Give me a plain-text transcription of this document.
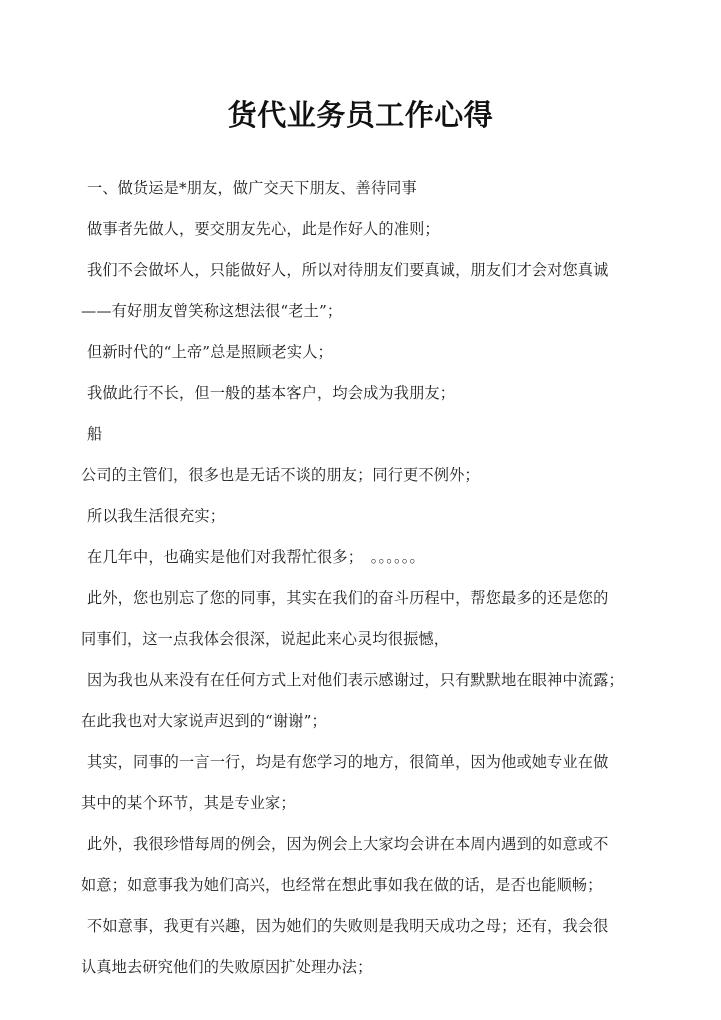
货代业务员工作心得
一、做货运是*朋友，做广交天下朋友、善待同事
做事者先做人，要交朋友先心，此是作好人的准则；
我们不会做坏人，只能做好人，所以对待朋友们要真诚，朋友们才会对您真诚
——有好朋友曾笑称这想法很“老土”；
但新时代的“上帝”总是照顾老实人；
我做此行不长，但一般的基本客户，均会成为我朋友；
船
公司的主管们，很多也是无话不谈的朋友；同行更不例外；
所以我生活很充实；
在几年中，也确实是他们对我帮忙很多；　。。。。。。
此外，您也别忘了您的同事，其实在我们的奋斗历程中，帮您最多的还是您的
同事们，这一点我体会很深，说起此来心灵均很振憾，
因为我也从来没有在任何方式上对他们表示感谢过，只有默默地在眼神中流露；
在此我也对大家说声迟到的“谢谢”；
其实，同事的一言一行，均是有您学习的地方，很简单，因为他或她专业在做
其中的某个环节，其是专业家；
此外，我很珍惜每周的例会，因为例会上大家均会讲在本周内遇到的如意或不
如意；如意事我为她们高兴，也经常在想此事如我在做的话，是否也能顺畅；
不如意事，我更有兴趣，因为她们的失败则是我明天成功之母；还有，我会很
认真地去研究他们的失败原因扩处理办法；
